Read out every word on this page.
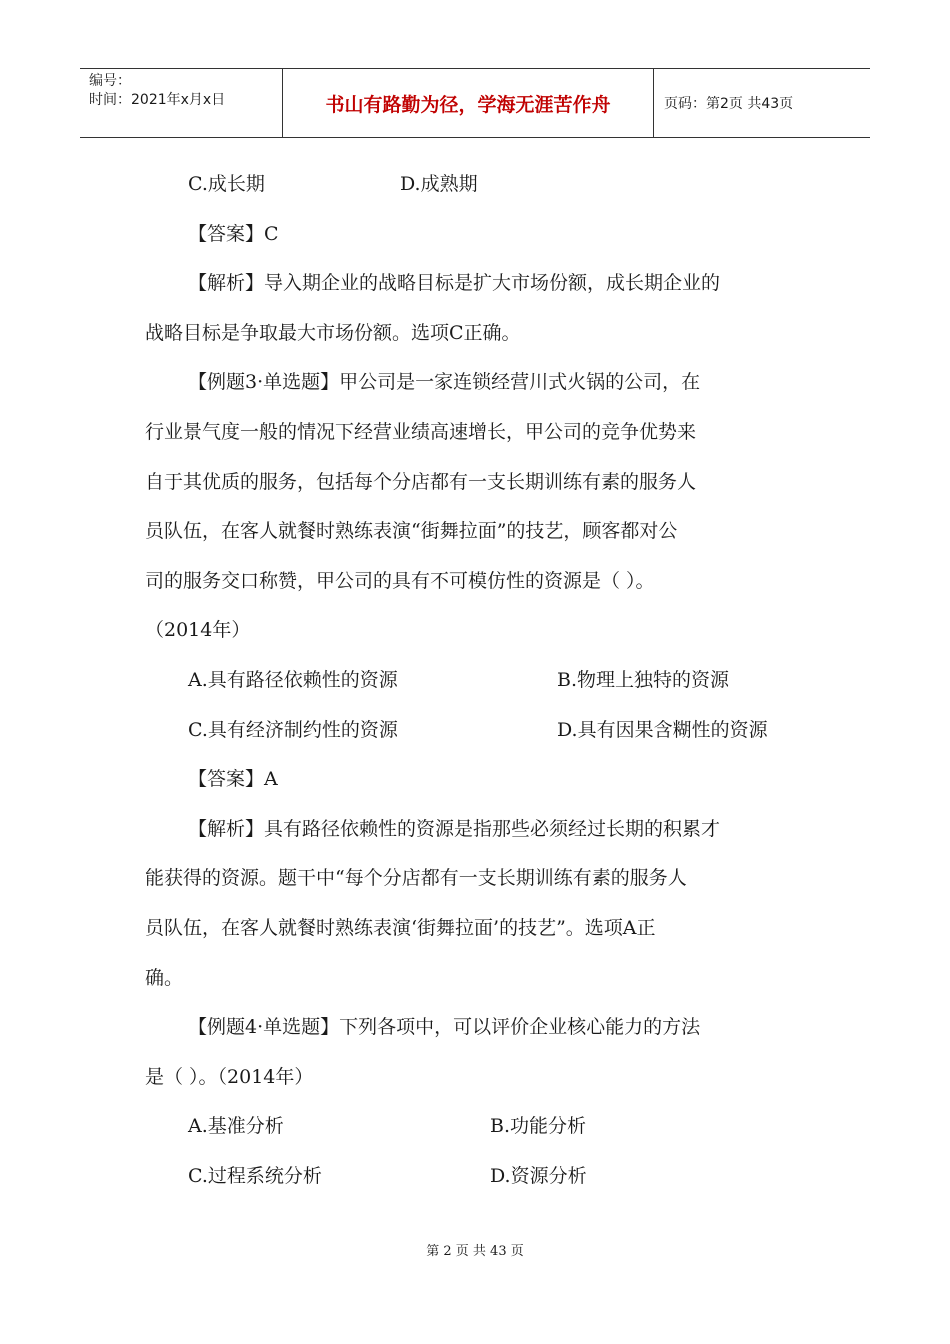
编号：
时间：2021年x月x日	书山有路勤为径，学海无涯苦作舟	页码：第2页 共43页
C.成长期	D.成熟期
【答案】C
【解析】导入期企业的战略目标是扩大市场份额，成长期企业的
战略目标是争取最大市场份额。选项C正确。
【例题3·单选题】甲公司是一家连锁经营川式火锅的公司，在
行业景气度一般的情况下经营业绩高速增长，甲公司的竞争优势来
自于其优质的服务，包括每个分店都有一支长期训练有素的服务人
员队伍，在客人就餐时熟练表演“街舞拉面”的技艺，顾客都对公
司的服务交口称赞，甲公司的具有不可模仿性的资源是（ ）。
（2014年）
A.具有路径依赖性的资源	B.物理上独特的资源
C.具有经济制约性的资源	D.具有因果含糊性的资源
【答案】A
【解析】具有路径依赖性的资源是指那些必须经过长期的积累才
能获得的资源。题干中“每个分店都有一支长期训练有素的服务人
员队伍，在客人就餐时熟练表演‘街舞拉面’的技艺”。选项A正
确。
【例题4·单选题】下列各项中，可以评价企业核心能力的方法
是（ ）。（2014年）
A.基准分析	B.功能分析
C.过程系统分析	D.资源分析
第 2 页 共 43 页
